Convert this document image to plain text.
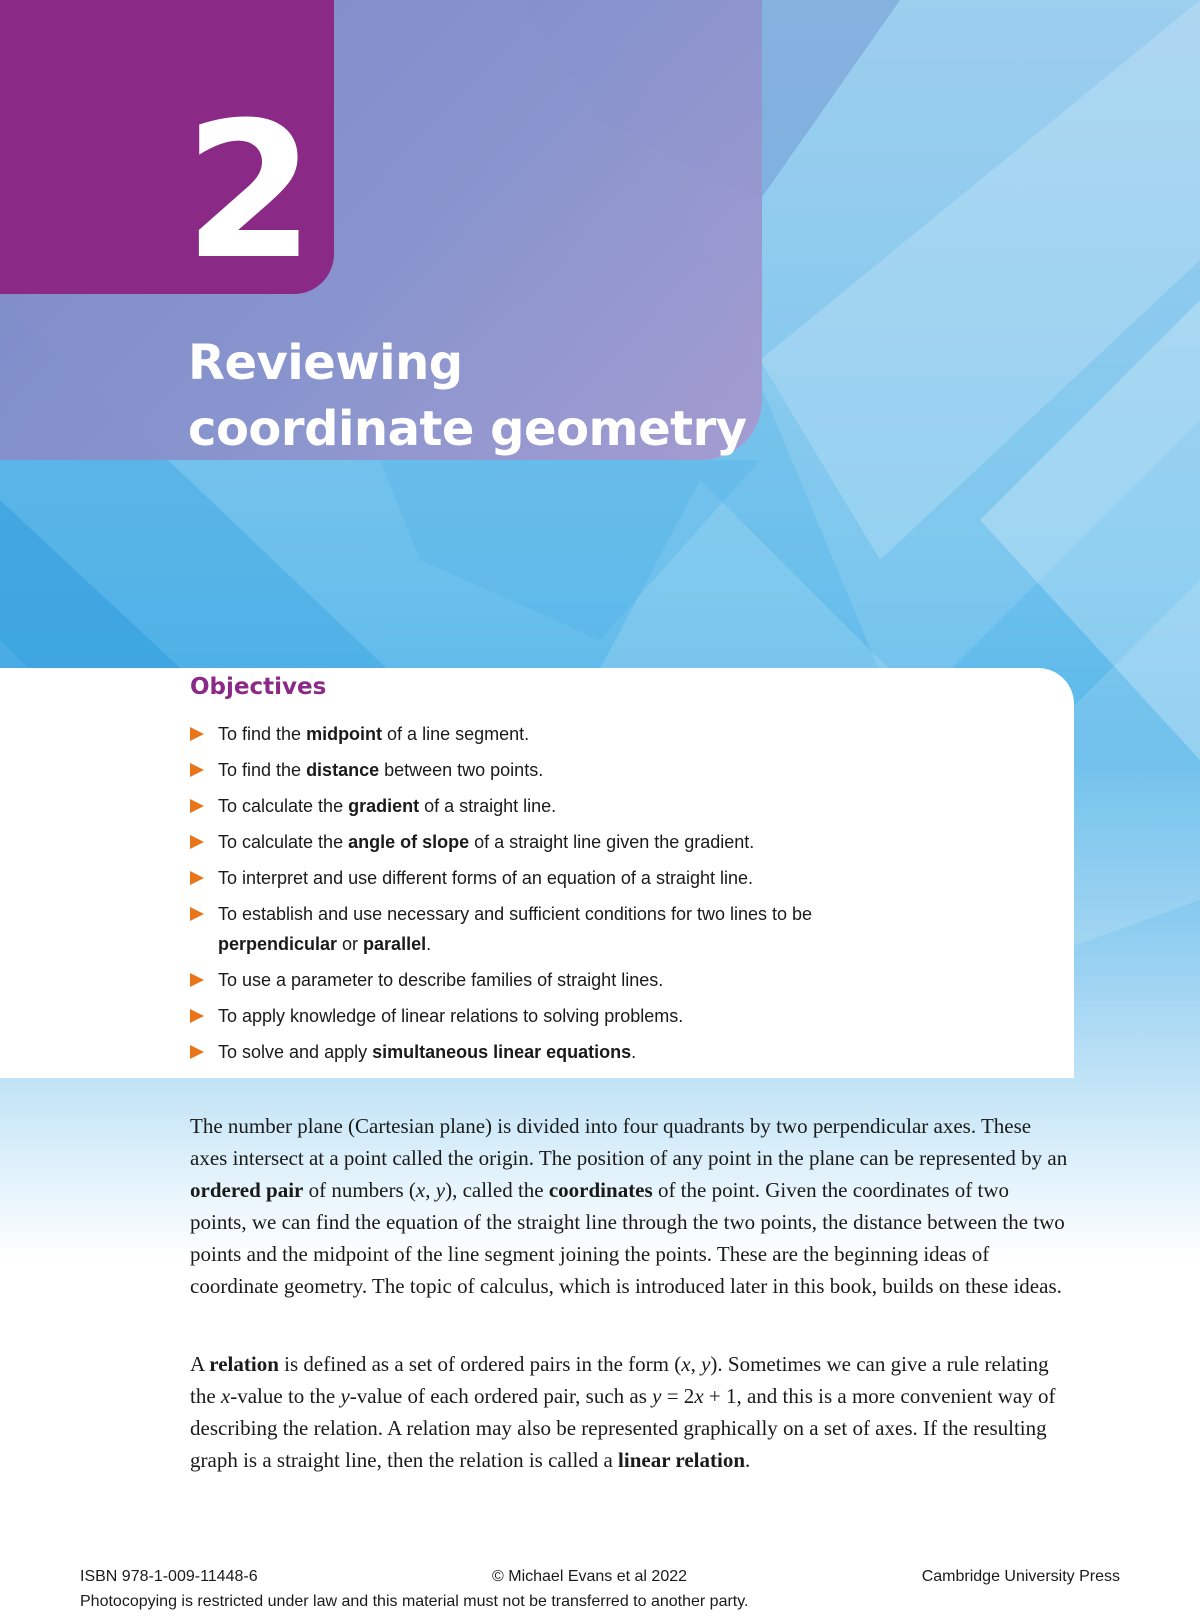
2
Reviewing
coordinate geometry
Objectives
To find the midpoint of a line segment.
To find the distance between two points.
To calculate the gradient of a straight line.
To calculate the angle of slope of a straight line given the gradient.
To interpret and use different forms of an equation of a straight line.
To establish and use necessary and sufficient conditions for two lines to be
perpendicular or parallel.
To use a parameter to describe families of straight lines.
To apply knowledge of linear relations to solving problems.
To solve and apply simultaneous linear equations.

The number plane (Cartesian plane) is divided into four quadrants by two perpendicular axes. These axes intersect at a point called the origin. The position of any point in the plane can be represented by an ordered pair of numbers (x, y), called the coordinates of the point. Given the coordinates of two points, we can find the equation of the straight line through the two points, the distance between the two points and the midpoint of the line segment joining the points. These are the beginning ideas of coordinate geometry. The topic of calculus, which is introduced later in this book, builds on these ideas.

A relation is defined as a set of ordered pairs in the form (x, y). Sometimes we can give a rule relating the x-value to the y-value of each ordered pair, such as y = 2x + 1, and this is a more convenient way of describing the relation. A relation may also be represented graphically on a set of axes. If the resulting graph is a straight line, then the relation is called a linear relation.

ISBN 978-1-009-11448-6	© Michael Evans et al 2022	Cambridge University Press
Photocopying is restricted under law and this material must not be transferred to another party.
